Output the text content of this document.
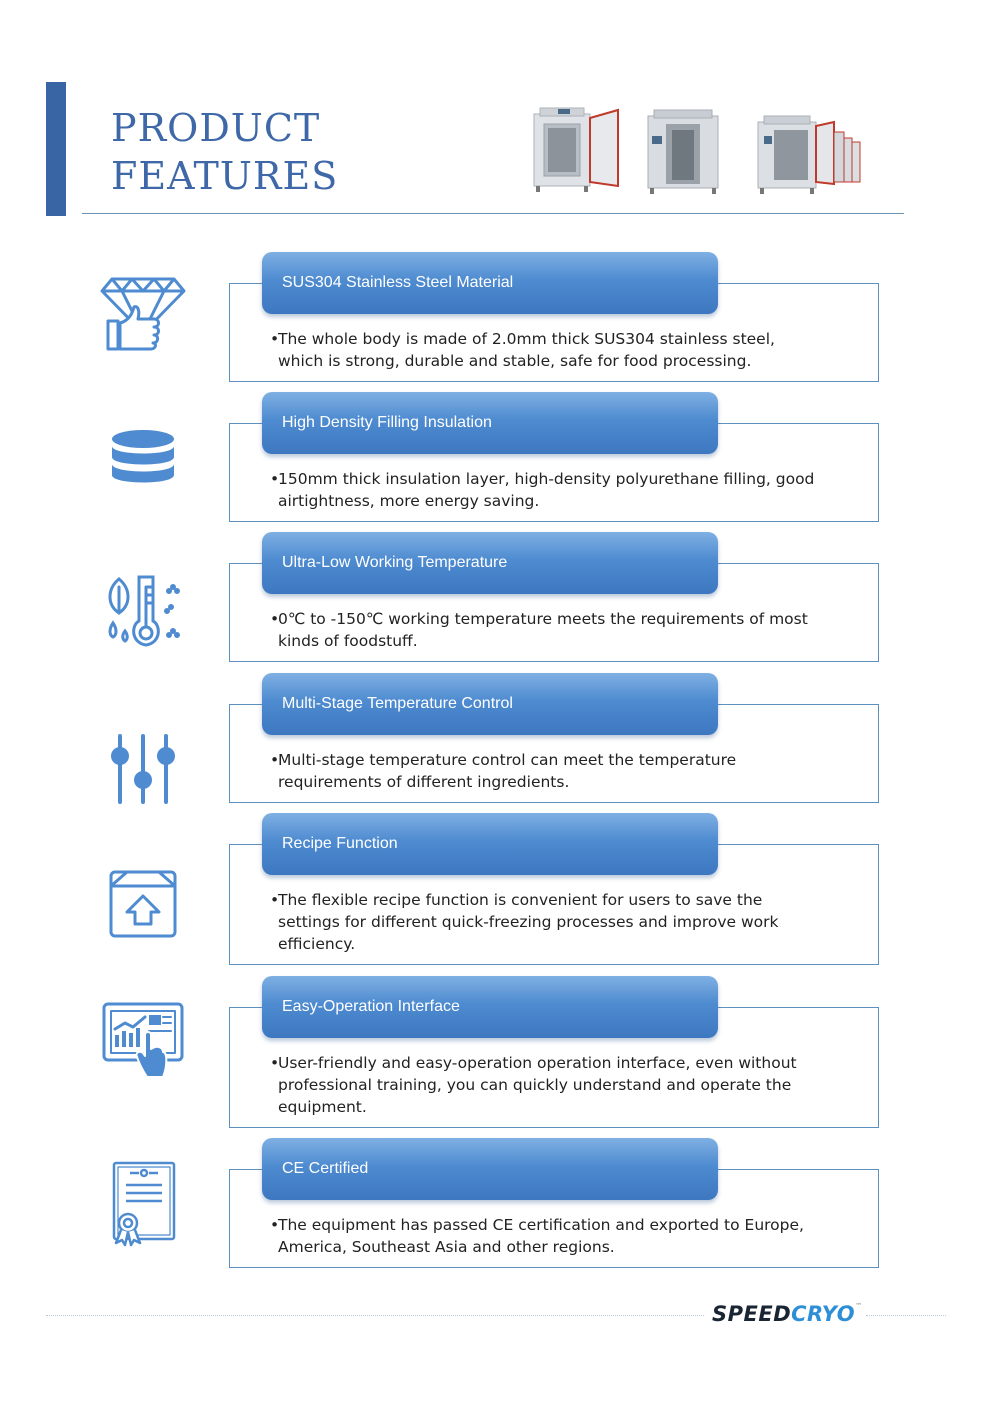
PRODUCT
FEATURES

•
The whole body is made of 2.0mm thick SUS304 stainless steel,
which is strong, durable and stable, safe for food processing.

SUS304 Stainless Steel Material

•
150mm thick insulation layer, high-density polyurethane filling, good
airtightness, more energy saving.

High Density Filling Insulation

•
0℃ to -150℃ working temperature meets the requirements of most
kinds of foodstuff.

Ultra-Low Working Temperature

•
Multi-stage temperature control can meet the temperature
requirements of different ingredients.

Multi-Stage Temperature Control

•
The flexible recipe function is convenient for users to save the
settings for different quick-freezing processes and improve work
efficiency.

Recipe Function

•
User-friendly and easy-operation operation interface, even without
professional training, you can quickly understand and operate the
equipment.

Easy-Operation Interface

•
The equipment has passed CE certification and exported to Europe,
America, Southeast Asia and other regions.

CE Certified
SPEEDCRYO™
